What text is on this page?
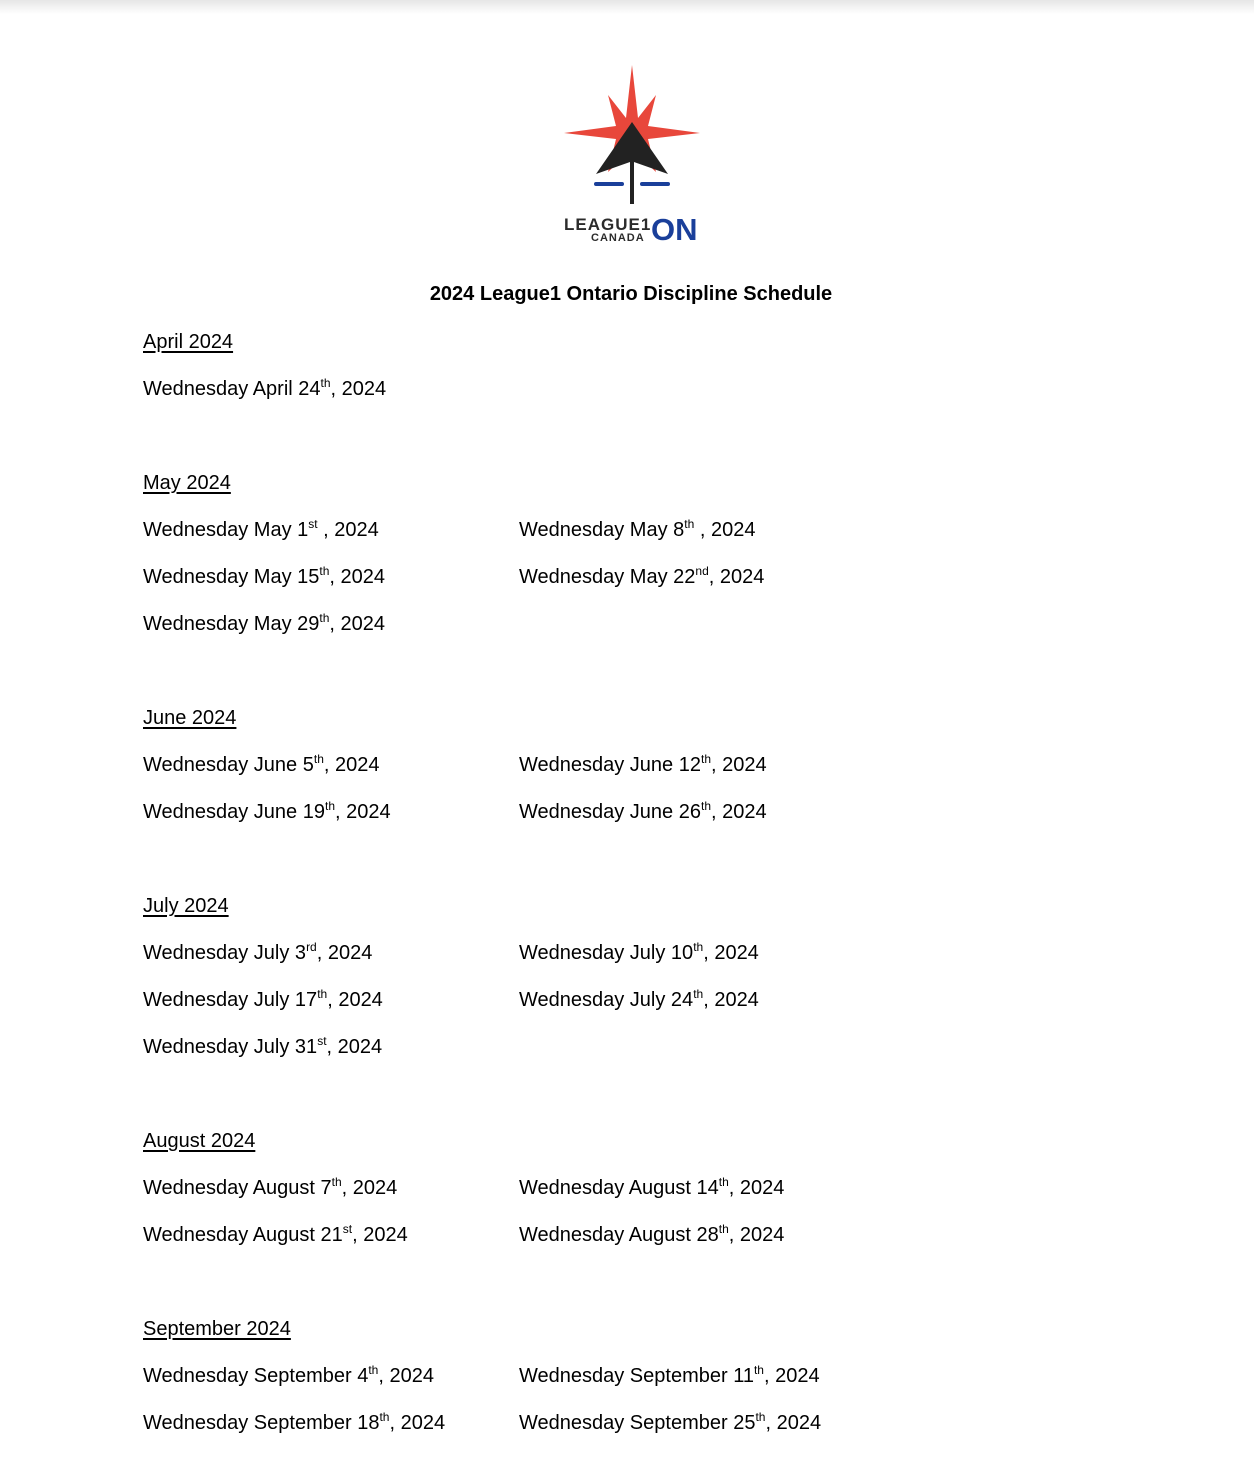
LEAGUE1
CANADA ON
2024 League1 Ontario Discipline Schedule
April 2024
Wednesday April 24th, 2024
May 2024
Wednesday May 1st , 2024	Wednesday May 8th , 2024
Wednesday May 15th, 2024	Wednesday May 22nd, 2024
Wednesday May 29th, 2024
June 2024
Wednesday June 5th, 2024	Wednesday June 12th, 2024
Wednesday June 19th, 2024	Wednesday June 26th, 2024
July 2024
Wednesday July 3rd, 2024	Wednesday July 10th, 2024
Wednesday July 17th, 2024	Wednesday July 24th, 2024
Wednesday July 31st, 2024
August 2024
Wednesday August 7th, 2024	Wednesday August 14th, 2024
Wednesday August 21st, 2024	Wednesday August 28th, 2024
September 2024
Wednesday September 4th, 2024	Wednesday September 11th, 2024
Wednesday September 18th, 2024	Wednesday September 25th, 2024
